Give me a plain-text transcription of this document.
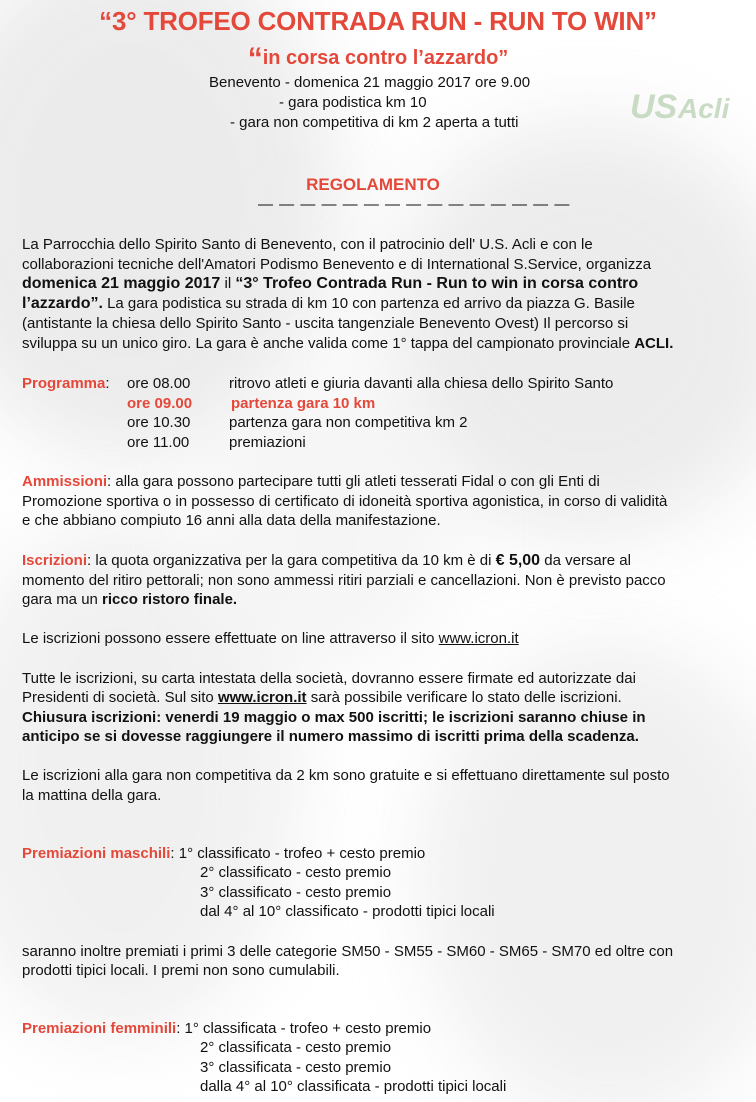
“3° TROFEO CONTRADA RUN - RUN TO WIN”
“in corsa contro l’azzardo”
Benevento - domenica 21 maggio 2017 ore 9.00
- gara podistica km 10
- gara non competitiva di km 2 aperta a tutti	US Acli
REGOLAMENTO
— — — — — — — — — — — — — — —
La Parrocchia dello Spirito Santo di Benevento, con il patrocinio dell' U.S. Acli e con le
collaborazioni tecniche dell'Amatori Podismo Benevento e di International S.Service, organizza
domenica 21 maggio 2017 il “3° Trofeo Contrada Run - Run to win in corsa contro
l’azzardo”. La gara podistica su strada di km 10 con partenza ed arrivo da piazza G. Basile
(antistante la chiesa dello Spirito Santo - uscita tangenziale Benevento Ovest) Il percorso si
sviluppa su un unico giro. La gara è anche valida come 1° tappa del campionato provinciale ACLI.
Programma: ore 08.00	ritrovo atleti e giuria davanti alla chiesa dello Spirito Santo
ore 09.00	partenza gara 10 km
ore 10.30	partenza gara non competitiva km 2
ore 11.00	premiazioni
Ammissioni: alla gara possono partecipare tutti gli atleti tesserati Fidal o con gli Enti di
Promozione sportiva o in possesso di certificato di idoneità sportiva agonistica, in corso di validità
e che abbiano compiuto 16 anni alla data della manifestazione.
Iscrizioni: la quota organizzativa per la gara competitiva da 10 km è di € 5,00 da versare al
momento del ritiro pettorali; non sono ammessi ritiri parziali e cancellazioni. Non è previsto pacco
gara ma un ricco ristoro finale.
Le iscrizioni possono essere effettuate on line attraverso il sito www.icron.it
Tutte le iscrizioni, su carta intestata della società, dovranno essere firmate ed autorizzate dai
Presidenti di società. Sul sito www.icron.it sarà possibile verificare lo stato delle iscrizioni.
Chiusura iscrizioni: venerdi 19 maggio o max 500 iscritti; le iscrizioni saranno chiuse in
anticipo se si dovesse raggiungere il numero massimo di iscritti prima della scadenza.
Le iscrizioni alla gara non competitiva da 2 km sono gratuite e si effettuano direttamente sul posto
la mattina della gara.
Premiazioni maschili: 1° classificato - trofeo + cesto premio
2° classificato - cesto premio
3° classificato - cesto premio
dal 4° al 10° classificato - prodotti tipici locali
saranno inoltre premiati i primi 3 delle categorie SM50 - SM55 - SM60 - SM65 - SM70 ed oltre con
prodotti tipici locali. I premi non sono cumulabili.
Premiazioni femminili: 1° classificata - trofeo + cesto premio
2° classificata - cesto premio
3° classificata - cesto premio
dalla 4° al 10° classificata - prodotti tipici locali
